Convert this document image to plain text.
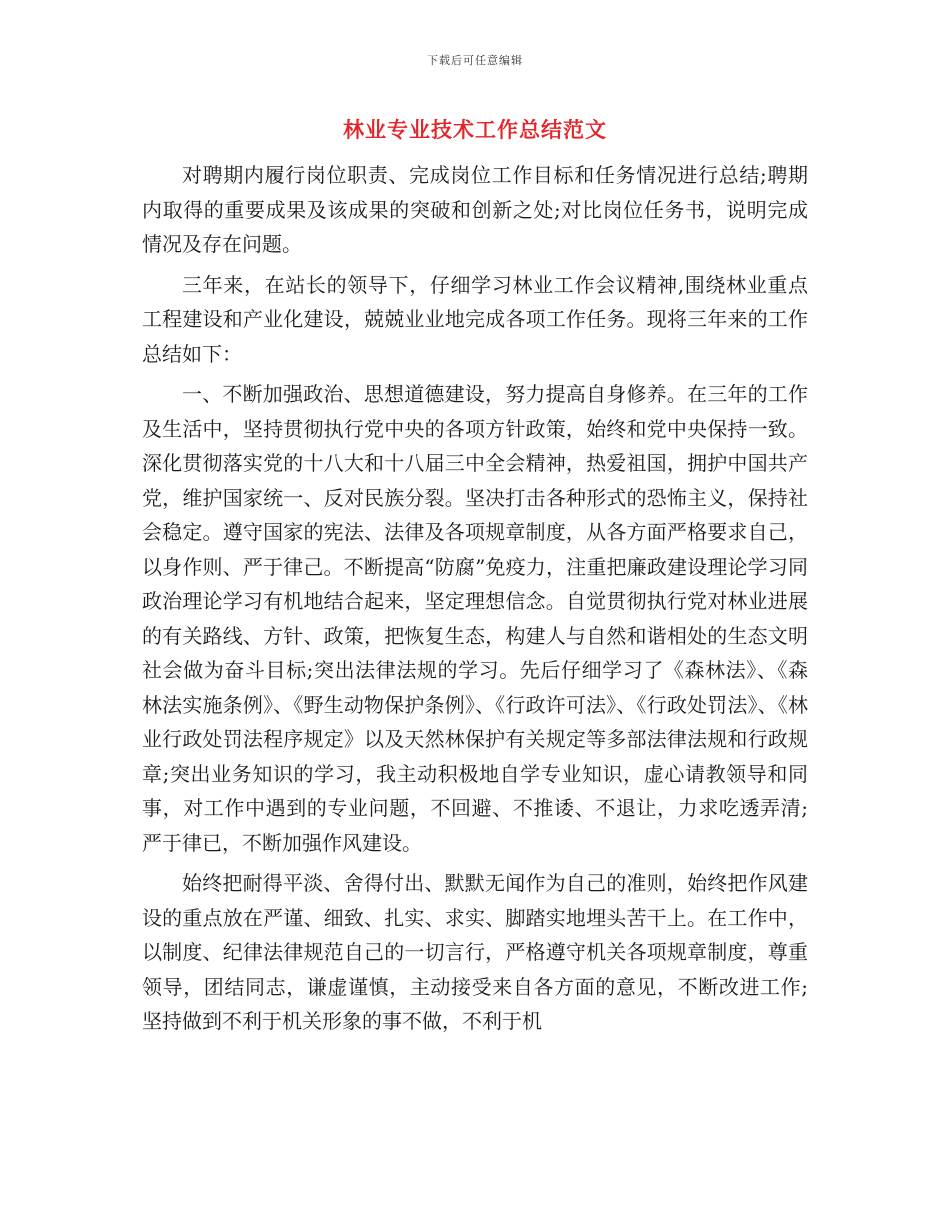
下载后可任意编辑
林业专业技术工作总结范文

对聘期内履行岗位职责、完成岗位工作目标和任务情况进行总结;聘期内取得的重要成果及该成果的突破和创新之处;对比岗位任务书，说明完成情况及存在问题。

三年来，在站长的领导下，仔细学习林业工作会议精神,围绕林业重点工程建设和产业化建设，兢兢业业地完成各项工作任务。现将三年来的工作总结如下：

一、不断加强政治、思想道德建设，努力提高自身修养。在三年的工作及生活中，坚持贯彻执行党中央的各项方针政策，始终和党中央保持一致。深化贯彻落实党的十八大和十八届三中全会精神，热爱祖国，拥护中国共产党，维护国家统一、反对民族分裂。坚决打击各种形式的恐怖主义，保持社会稳定。遵守国家的宪法、法律及各项规章制度，从各方面严格要求自己，以身作则、严于律己。不断提高“防腐”免疫力，注重把廉政建设理论学习同政治理论学习有机地结合起来，坚定理想信念。自觉贯彻执行党对林业进展的有关路线、方针、政策，把恢复生态，构建人与自然和谐相处的生态文明社会做为奋斗目标;突出法律法规的学习。先后仔细学习了《森林法》、《森林法实施条例》、《野生动物保护条例》、《行政许可法》、《行政处罚法》、《林业行政处罚法程序规定》以及天然林保护有关规定等多部法律法规和行政规章;突出业务知识的学习，我主动积极地自学专业知识，虚心请教领导和同事，对工作中遇到的专业问题，不回避、不推诿、不退让，力求吃透弄清;严于律已，不断加强作风建设。

始终把耐得平淡、舍得付出、默默无闻作为自己的准则，始终把作风建设的重点放在严谨、细致、扎实、求实、脚踏实地埋头苦干上。在工作中，以制度、纪律法律规范自己的一切言行，严格遵守机关各项规章制度，尊重领导，团结同志，谦虚谨慎，主动接受来自各方面的意见，不断改进工作;坚持做到不利于机关形象的事不做，不利于机
